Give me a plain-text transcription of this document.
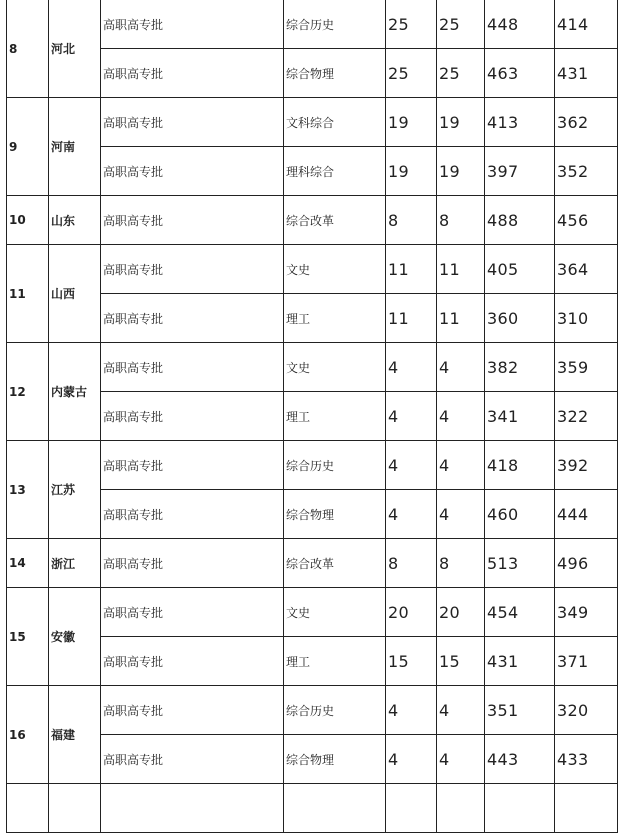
8	河北	高职高专批	综合历史	25	25	448	414
		高职高专批	综合物理	25	25	463	431
9	河南	高职高专批	文科综合	19	19	413	362
		高职高专批	理科综合	19	19	397	352
10	山东	高职高专批	综合改革	8	8	488	456
11	山西	高职高专批	文史	11	11	405	364
		高职高专批	理工	11	11	360	310
12	内蒙古	高职高专批	文史	4	4	382	359
		高职高专批	理工	4	4	341	322
13	江苏	高职高专批	综合历史	4	4	418	392
		高职高专批	综合物理	4	4	460	444
14	浙江	高职高专批	综合改革	8	8	513	496
15	安徽	高职高专批	文史	20	20	454	349
		高职高专批	理工	15	15	431	371
16	福建	高职高专批	综合历史	4	4	351	320
		高职高专批	综合物理	4	4	443	433
